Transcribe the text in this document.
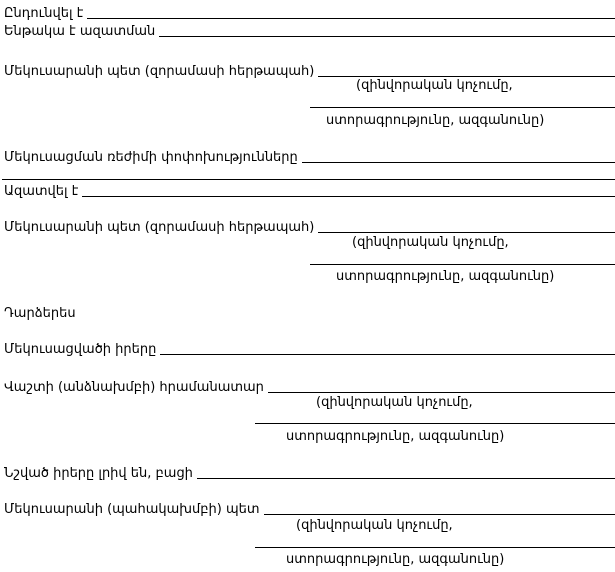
Ընդունվել է
Ենթակա է ազատման
Մեկուսարանի պետ (զորամասի հերթապահ)
(զինվորական կոչումը,
ստորագրությունը, ազգանունը)
Մեկուսացման ռեժիմի փոփոխությունները
Ազատվել է
Մեկուսարանի պետ (զորամասի հերթապահ)
(զինվորական կոչումը,
ստորագրությունը, ազգանունը)
Դարձերես
Մեկուսացվածի իրերը
Վաշտի (անձնախմբի) հրամանատար
(զինվորական կոչումը,
ստորագրությունը, ազգանունը)
Նշված իրերը լրիվ են, բացի
Մեկուսարանի (պահակախմբի) պետ
(զինվորական կոչումը,
ստորագրությունը, ազգանունը)
